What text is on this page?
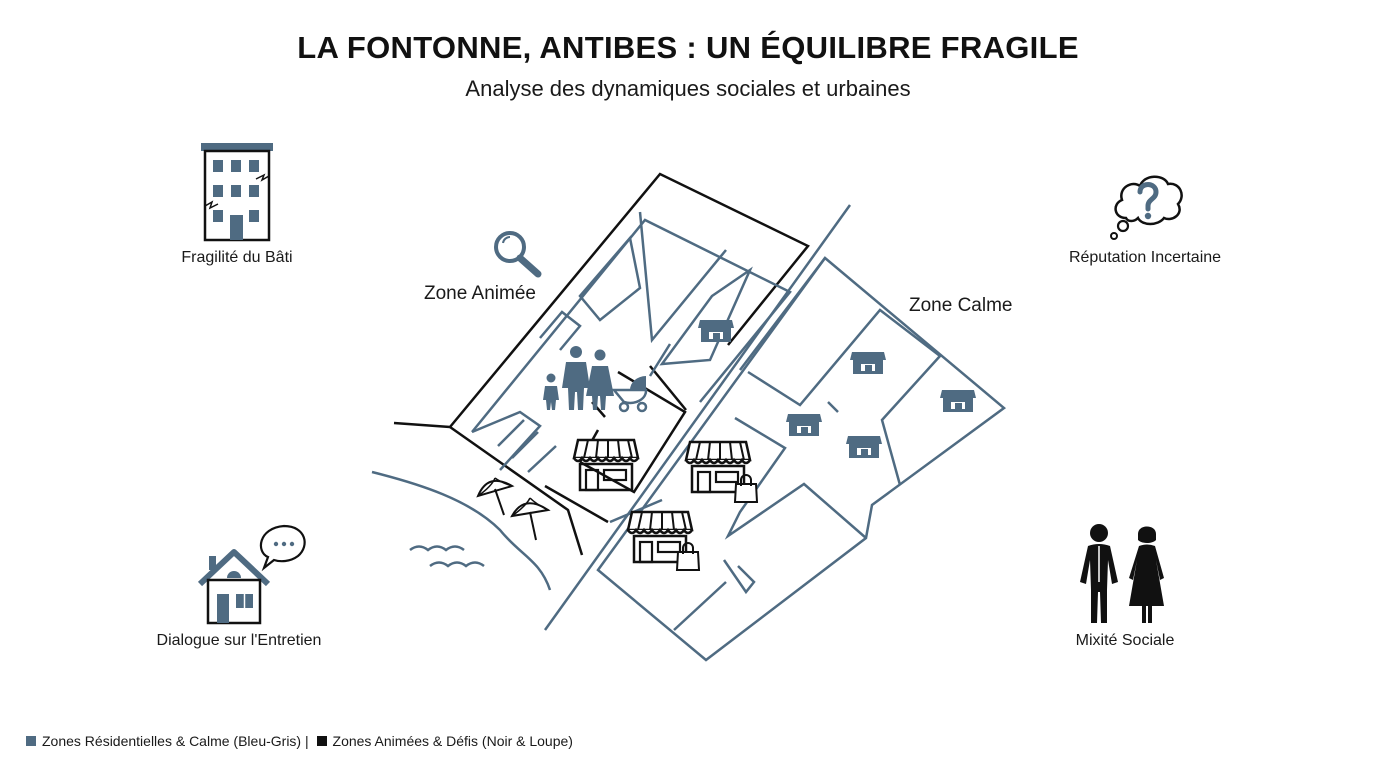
LA FONTONNE, ANTIBES : UN ÉQUILIBRE FRAGILE
Analyse des dynamiques sociales et urbaines
Fragilité du Bâti	Réputation Incertaine
Dialogue sur l'Entretien	Mixité Sociale
Zone Animée
Zone Calme
Zones Résidentielles & Calme (Bleu-Gris) | Zones Animées & Défis (Noir & Loupe)
